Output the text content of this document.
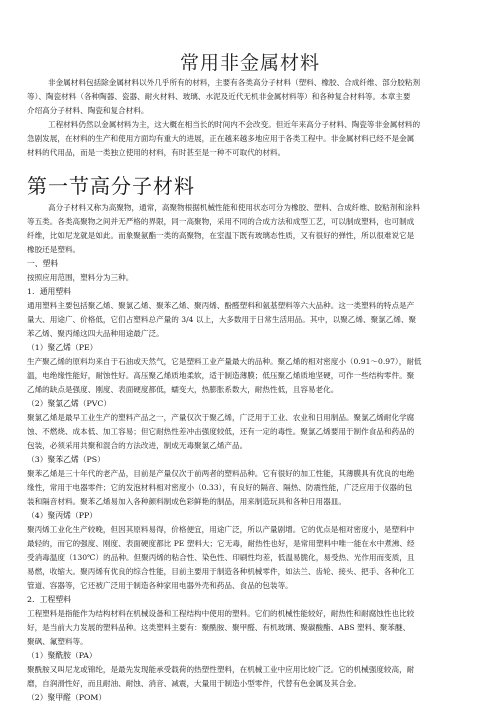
常用非金属材料
非金属材料包括除金属材料以外几乎所有的材料，主要有各类高分子材料（塑料、橡胶、合成纤维、部分胶粘剂
等）、陶瓷材料（各种陶器、瓷器、耐火材料、玻璃、水泥及近代无机非金属材料等）和各种复合材料等。本章主要
介绍高分子材料、陶瓷和复合材料。
工程材料仍然以金属材料为主，这大概在相当长的时间内不会改变。但近年来高分子材料、陶瓷等非金属材料的
急剧发展，在材料的生产和使用方面均有重大的进展，正在越来越多地应用于各类工程中。非金属材料已经不是金属
材料的代用品，而是一类独立使用的材料，有时甚至是一种不可取代的材料。
第一节高分子材料
高分子材料又称为高聚物，通常，高聚物根据机械性能和使用状态可分为橡胶、塑料、合成纤维、胶粘剂和涂料
等五类。各类高聚物之间并无严格的界限，同一高聚物，采用不同的合成方法和成型工艺，可以制成塑料，也可制成
纤维，比如尼龙就是如此。而象聚氨酯一类的高聚物，在室温下既有玻璃态性质，又有很好的弹性，所以很难说它是
橡胶还是塑料。
一、塑料
按照应用范围，塑料分为三种。
1．通用塑料
通用塑料主要包括聚乙烯、聚氯乙烯、聚苯乙烯、聚丙烯、酚醛塑料和氨基塑料等六大品种。这一类塑料的特点是产
量大、用途广、价格低，它们占塑料总产量的 3/4 以上，大多数用于日常生活用品。其中，以聚乙烯、聚氯乙烯、聚
苯乙烯、聚丙烯这四大品种用途最广泛。
（1）聚乙烯（PE）
生产聚乙烯的原料均来自于石油或天然气，它是塑料工业产量最大的品种。聚乙烯的相对密度小（0.91～0.97），耐低
温，电绝缘性能好，耐蚀性好。高压聚乙烯质地柔软，适于制造薄膜；低压聚乙烯质地坚硬，可作一些结构零件。聚
乙烯的缺点是强度、刚度、表面硬度都低，蠕变大，热膨胀系数大，耐热性低，且容易老化。
（2）聚氯乙烯（PVC）
聚氯乙烯是最早工业生产的塑料产品之一，产量仅次于聚乙烯，广泛用于工业、农业和日用制品。聚氯乙烯耐化学腐
蚀、不燃烧、成本低、加工容易；但它耐热性差冲击强度较低，还有一定的毒性。聚氯乙烯要用于制作食品和药品的
包装，必须采用共聚和混合的方法改进，制成无毒聚氯乙烯产品。
（3）聚苯乙烯（PS）
聚苯乙烯是三十年代的老产品，目前是产量仅次于前两者的塑料品种。它有很好的加工性能，其薄膜具有优良的电绝
缘性，常用于电器零件；它的发泡材料相对密度小（0.33），有良好的隔音、隔热、防震性能，广泛应用于仪器的包
装和隔音材料。聚苯乙烯易加入各种颜料制成色彩鲜艳的制品，用来制造玩具和各种日用器皿。
（4）聚丙烯（PP）
聚丙烯工业化生产较晚，但因其原料易得，价格便宜，用途广泛，所以产量剧增。它的优点是相对密度小，是塑料中
最轻的，而它的强度、刚度、表面硬度都比 PE 塑料大；它无毒，耐热性也好，是常用塑料中唯一能在水中煮沸、经
受消毒温度（130℃）的品种。但聚丙烯的粘合性、染色性、印刷性均差，低温易脆化，易受热、光作用而变质，且
易燃，收缩大。聚丙烯有优良的综合性能，目前主要用于制造各种机械零件，如法兰、齿轮、接头、把手、各种化工
管道、容器等，它还被广泛用于制造各种家用电器外壳和药品、食品的包装等。
2．工程塑料
工程塑料是指能作为结构材料在机械设备和工程结构中使用的塑料。它们的机械性能较好，耐热性和耐腐蚀性也比较
好，是当前大力发展的塑料品种。这类塑料主要有：聚酰胺、聚甲醛、有机玻璃、聚碳酸酯、ABS 塑料、聚苯醚、
聚砜、氟塑料等。
（1）聚酰胺（PA）
聚酰胺又叫尼龙或锦纶，是最先发现能承受载荷的热塑性塑料，在机械工业中应用比较广泛。它的机械强度较高，耐
磨，自润滑性好，而且耐油、耐蚀、消音、减震，大量用于制造小型零件，代替有色金属及其合金。
（2）聚甲醛（POM）
